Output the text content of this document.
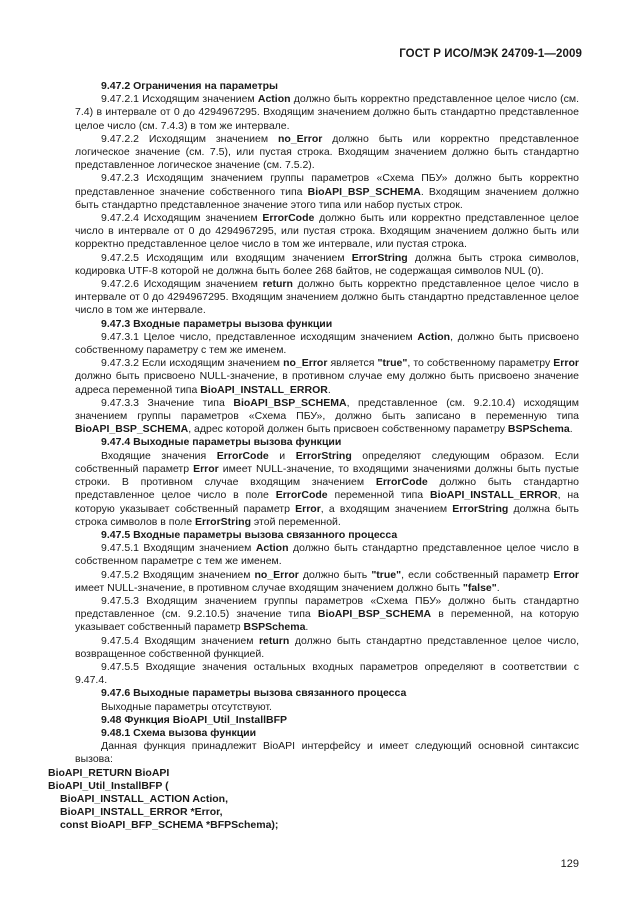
ГОСТ Р ИСО/МЭК 24709-1—2009

9.47.2 Ограничения на параметры

9.47.2.1 Исходящим значением Action должно быть корректно представленное целое число (см. 7.4) в интервале от 0 до 4294967295. Входящим значением должно быть стандартно представленное целое число (см. 7.4.3) в том же интервале.

9.47.2.2 Исходящим значением no_Error должно быть или корректно представленное логическое значение (см. 7.5), или пустая строка. Входящим значением должно быть стандартно представленное логическое значение (см. 7.5.2).

9.47.2.3 Исходящим значением группы параметров «Схема ПБУ» должно быть корректно представленное значение собственного типа BioAPI_BSP_SCHEMA. Входящим значением должно быть стандартно представленное значение этого типа или набор пустых строк.

9.47.2.4 Исходящим значением ErrorCode должно быть или корректно представленное целое число в интервале от 0 до 4294967295, или пустая строка. Входящим значением должно быть или корректно представленное целое число в том же интервале, или пустая строка.

9.47.2.5 Исходящим или входящим значением ErrorString должна быть строка символов, кодировка UTF-8 которой не должна быть более 268 байтов, не содержащая символов NUL (0).

9.47.2.6 Исходящим значением return должно быть корректно представленное целое число в интервале от 0 до 4294967295. Входящим значением должно быть стандартно представленное целое число в том же интервале.

9.47.3 Входные параметры вызова функции

9.47.3.1 Целое число, представленное исходящим значением Action, должно быть присвоено собственному параметру с тем же именем.

9.47.3.2 Если исходящим значением no_Error является "true", то собственному параметру Error должно быть присвоено NULL-значение, в противном случае ему должно быть присвоено значение адреса переменной типа BioAPI_INSTALL_ERROR.

9.47.3.3 Значение типа BioAPI_BSP_SCHEMA, представленное (см. 9.2.10.4) исходящим значением группы параметров «Схема ПБУ», должно быть записано в переменную типа BioAPI_BSP_SCHEMA, адрес которой должен быть присвоен собственному параметру BSPSchema.

9.47.4 Выходные параметры вызова функции

Входящие значения ErrorCode и ErrorString определяют следующим образом. Если собственный параметр Error имеет NULL-значение, то входящими значениями должны быть пустые строки. В противном случае входящим значением ErrorCode должно быть стандартно представленное целое число в поле ErrorCode переменной типа BioAPI_INSTALL_ERROR, на которую указывает собственный параметр Error, а входящим значением ErrorString должна быть строка символов в поле ErrorString этой переменной.

9.47.5 Входные параметры вызова связанного процесса

9.47.5.1 Входящим значением Action должно быть стандартно представленное целое число в собственном параметре с тем же именем.

9.47.5.2 Входящим значением no_Error должно быть "true", если собственный параметр Error имеет NULL-значение, в противном случае входящим значением должно быть "false".

9.47.5.3 Входящим значением группы параметров «Схема ПБУ» должно быть стандартно представленное (см. 9.2.10.5) значение типа BioAPI_BSP_SCHEMA в переменной, на которую указывает собственный параметр BSPSchema.

9.47.5.4 Входящим значением return должно быть стандартно представленное целое число, возвращенное собственной функцией.

9.47.5.5 Входящие значения остальных входных параметров определяют в соответствии с 9.47.4.

9.47.6 Выходные параметры вызова связанного процесса

Выходные параметры отсутствуют.

9.48 Функция BioAPI_Util_InstallBFP

9.48.1 Схема вызова функции

Данная функция принадлежит BioAPI интерфейсу и имеет следующий основной синтаксис вызова:

BioAPI_RETURN BioAPI

BioAPI_Util_InstallBFP (

BioAPI_INSTALL_ACTION Action,

BioAPI_INSTALL_ERROR *Error,

const BioAPI_BFP_SCHEMA *BFPSchema);

129
